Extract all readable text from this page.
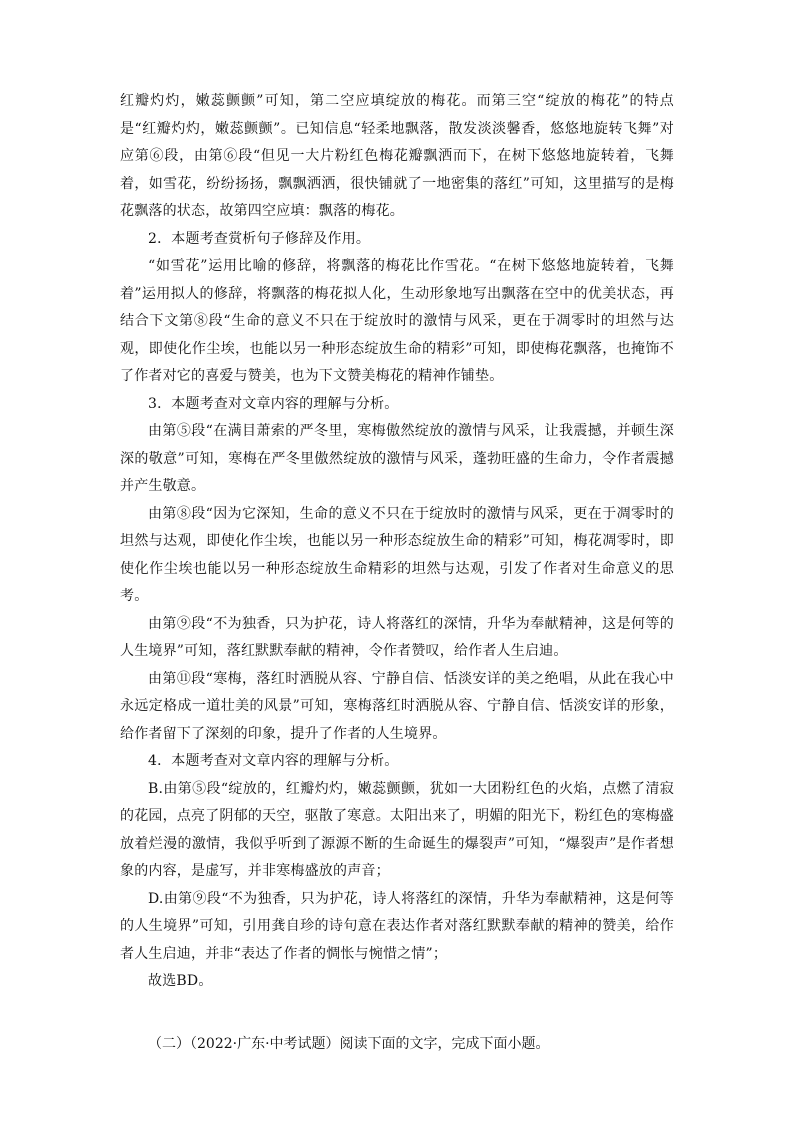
红瓣灼灼，嫩蕊颤颤”可知，第二空应填绽放的梅花。而第三空“绽放的梅花”的特点是“红瓣灼灼，嫩蕊颤颤”。已知信息“轻柔地飘落，散发淡淡馨香，悠悠地旋转飞舞”对应第⑥段，由第⑥段“但见一大片粉红色梅花瓣飘洒而下，在树下悠悠地旋转着，飞舞着，如雪花，纷纷扬扬，飘飘洒洒，很快铺就了一地密集的落红”可知，这里描写的是梅花飘落的状态，故第四空应填：飘落的梅花。

2．本题考查赏析句子修辞及作用。

“如雪花”运用比喻的修辞，将飘落的梅花比作雪花。“在树下悠悠地旋转着，飞舞着”运用拟人的修辞，将飘落的梅花拟人化，生动形象地写出飘落在空中的优美状态，再结合下文第⑧段“生命的意义不只在于绽放时的激情与风采，更在于凋零时的坦然与达观，即使化作尘埃，也能以另一种形态绽放生命的精彩”可知，即使梅花飘落，也掩饰不了作者对它的喜爱与赞美，也为下文赞美梅花的精神作铺垫。

3．本题考查对文章内容的理解与分析。

由第⑤段“在满目萧索的严冬里，寒梅傲然绽放的激情与风采，让我震撼，并顿生深深的敬意”可知，寒梅在严冬里傲然绽放的激情与风采，蓬勃旺盛的生命力，令作者震撼并产生敬意。

由第⑧段“因为它深知，生命的意义不只在于绽放时的激情与风采，更在于凋零时的坦然与达观，即使化作尘埃，也能以另一种形态绽放生命的精彩”可知，梅花凋零时，即使化作尘埃也能以另一种形态绽放生命精彩的坦然与达观，引发了作者对生命意义的思考。

由第⑨段“不为独香，只为护花，诗人将落红的深情，升华为奉献精神，这是何等的人生境界”可知，落红默默奉献的精神，令作者赞叹，给作者人生启迪。

由第⑪段“寒梅，落红时洒脱从容、宁静自信、恬淡安详的美之绝唱，从此在我心中永远定格成一道壮美的风景”可知，寒梅落红时洒脱从容、宁静自信、恬淡安详的形象，给作者留下了深刻的印象，提升了作者的人生境界。

4．本题考查对文章内容的理解与分析。

B.由第⑤段“绽放的，红瓣灼灼，嫩蕊颤颤，犹如一大团粉红色的火焰，点燃了清寂的花园，点亮了阴郁的天空，驱散了寒意。太阳出来了，明媚的阳光下，粉红色的寒梅盛放着烂漫的激情，我似乎听到了源源不断的生命诞生的爆裂声”可知，“爆裂声”是作者想象的内容，是虚写，并非寒梅盛放的声音；

D.由第⑨段“不为独香，只为护花，诗人将落红的深情，升华为奉献精神，这是何等的人生境界”可知，引用龚自珍的诗句意在表达作者对落红默默奉献的精神的赞美，给作者人生启迪，并非“表达了作者的惆怅与惋惜之情”；

故选BD。

（二）（2022·广东·中考试题）阅读下面的文字，完成下面小题。
